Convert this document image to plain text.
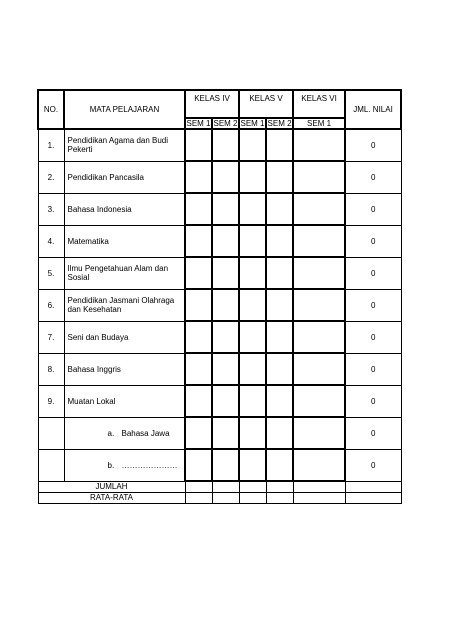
NO.	MATA PELAJARAN	KELAS IV		KELAS V		KELAS VI	JML. NILAI
		SEM 1	SEM 2	SEM 1	SEM 2	SEM 1	
1.	Pendidikan Agama dan Budi Pekerti						0
2.	Pendidikan Pancasila						0
3.	Bahasa Indonesia						0
4.	Matematika						0
5.	Ilmu Pengetahuan Alam dan Sosial						0
6.	Pendidikan Jasmani Olahraga dan Kesehatan						0
7.	Seni dan Budaya						0
8.	Bahasa Inggris						0
9.	Muatan Lokal						0
	a. Bahasa Jawa						0
	b. …………………						0
JUMLAH							
RATA-RATA							
